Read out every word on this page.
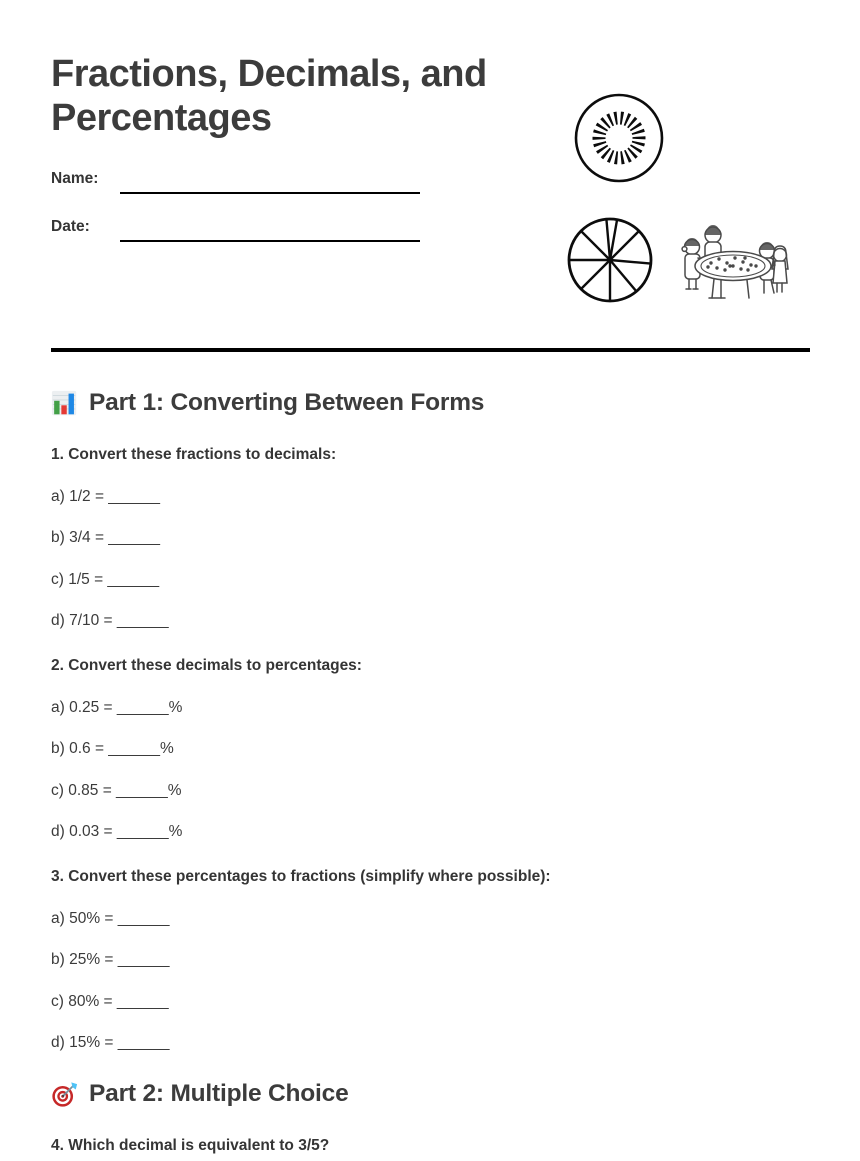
Fractions, Decimals, and Percentages
Name:
Date:
Part 1: Converting Between Forms

1. Convert these fractions to decimals:

a) 1/2 = ______

b) 3/4 = ______

c) 1/5 = ______

d) 7/10 = ______

2. Convert these decimals to percentages:

a) 0.25 = ______%

b) 0.6 = ______%

c) 0.85 = ______%

d) 0.03 = ______%

3. Convert these percentages to fractions (simplify where possible):

a) 50% = ______

b) 25% = ______

c) 80% = ______

d) 15% = ______

Part 2: Multiple Choice

4. Which decimal is equivalent to 3/5?
